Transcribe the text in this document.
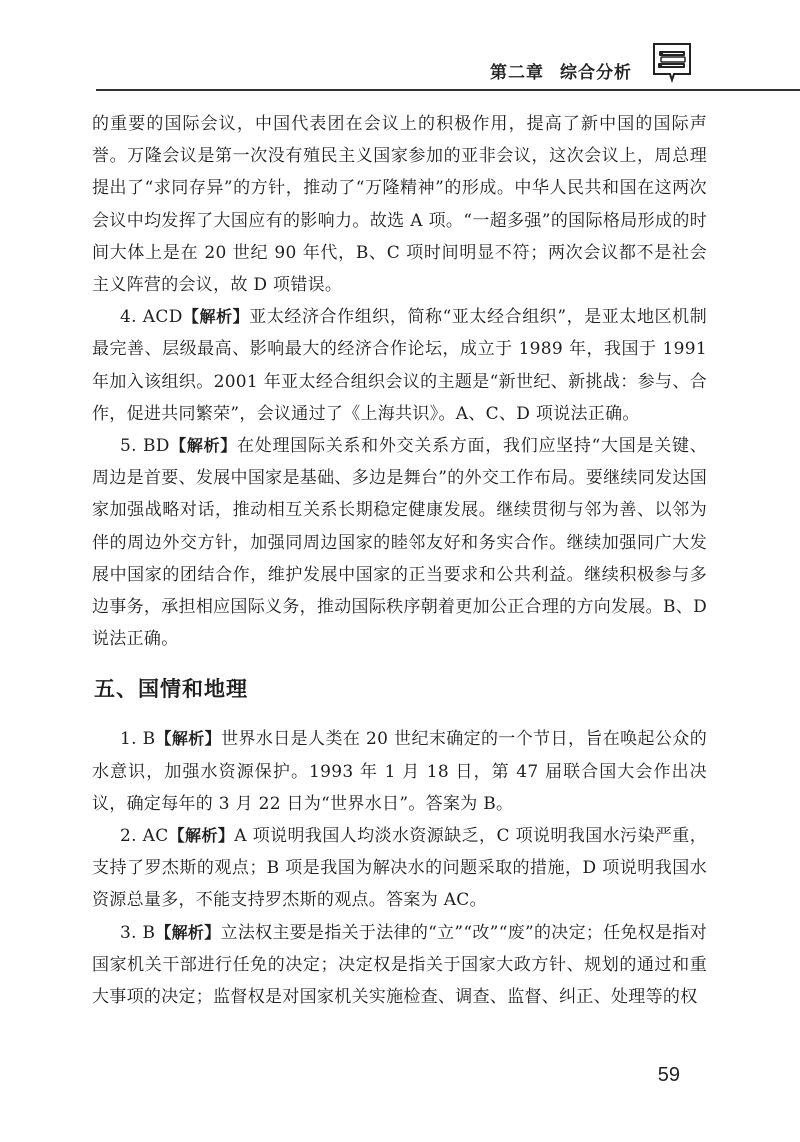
第二章 综合分析

的重要的国际会议，中国代表团在会议上的积极作用，提高了新中国的国际声誉。万隆会议是第一次没有殖民主义国家参加的亚非会议，这次会议上，周总理提出了“求同存异”的方针，推动了“万隆精神”的形成。中华人民共和国在这两次会议中均发挥了大国应有的影响力。故选 A 项。“一超多强”的国际格局形成的时间大体上是在 20 世纪 90 年代，B、C 项时间明显不符；两次会议都不是社会主义阵营的会议，故 D 项错误。

4. ACD【解析】亚太经济合作组织，简称“亚太经合组织”，是亚太地区机制最完善、层级最高、影响最大的经济合作论坛，成立于 1989 年，我国于 1991 年加入该组织。2001 年亚太经合组织会议的主题是“新世纪、新挑战：参与、合作，促进共同繁荣”，会议通过了《上海共识》。A、C、D 项说法正确。

5. BD【解析】在处理国际关系和外交关系方面，我们应坚持“大国是关键、周边是首要、发展中国家是基础、多边是舞台”的外交工作布局。要继续同发达国家加强战略对话，推动相互关系长期稳定健康发展。继续贯彻与邻为善、以邻为伴的周边外交方针，加强同周边国家的睦邻友好和务实合作。继续加强同广大发展中国家的团结合作，维护发展中国家的正当要求和公共利益。继续积极参与多边事务，承担相应国际义务，推动国际秩序朝着更加公正合理的方向发展。B、D 说法正确。

五、国情和地理

1. B【解析】世界水日是人类在 20 世纪末确定的一个节日，旨在唤起公众的水意识，加强水资源保护。1993 年 1 月 18 日，第 47 届联合国大会作出决议，确定每年的 3 月 22 日为“世界水日”。答案为 B。

2. AC【解析】A 项说明我国人均淡水资源缺乏，C 项说明我国水污染严重，支持了罗杰斯的观点；B 项是我国为解决水的问题采取的措施，D 项说明我国水资源总量多，不能支持罗杰斯的观点。答案为 AC。

3. B【解析】立法权主要是指关于法律的“立”“改”“废”的决定；任免权是指对国家机关干部进行任免的决定；决定权是指关于国家大政方针、规划的通过和重大事项的决定；监督权是对国家机关实施检查、调查、监督、纠正、处理等的权

59
